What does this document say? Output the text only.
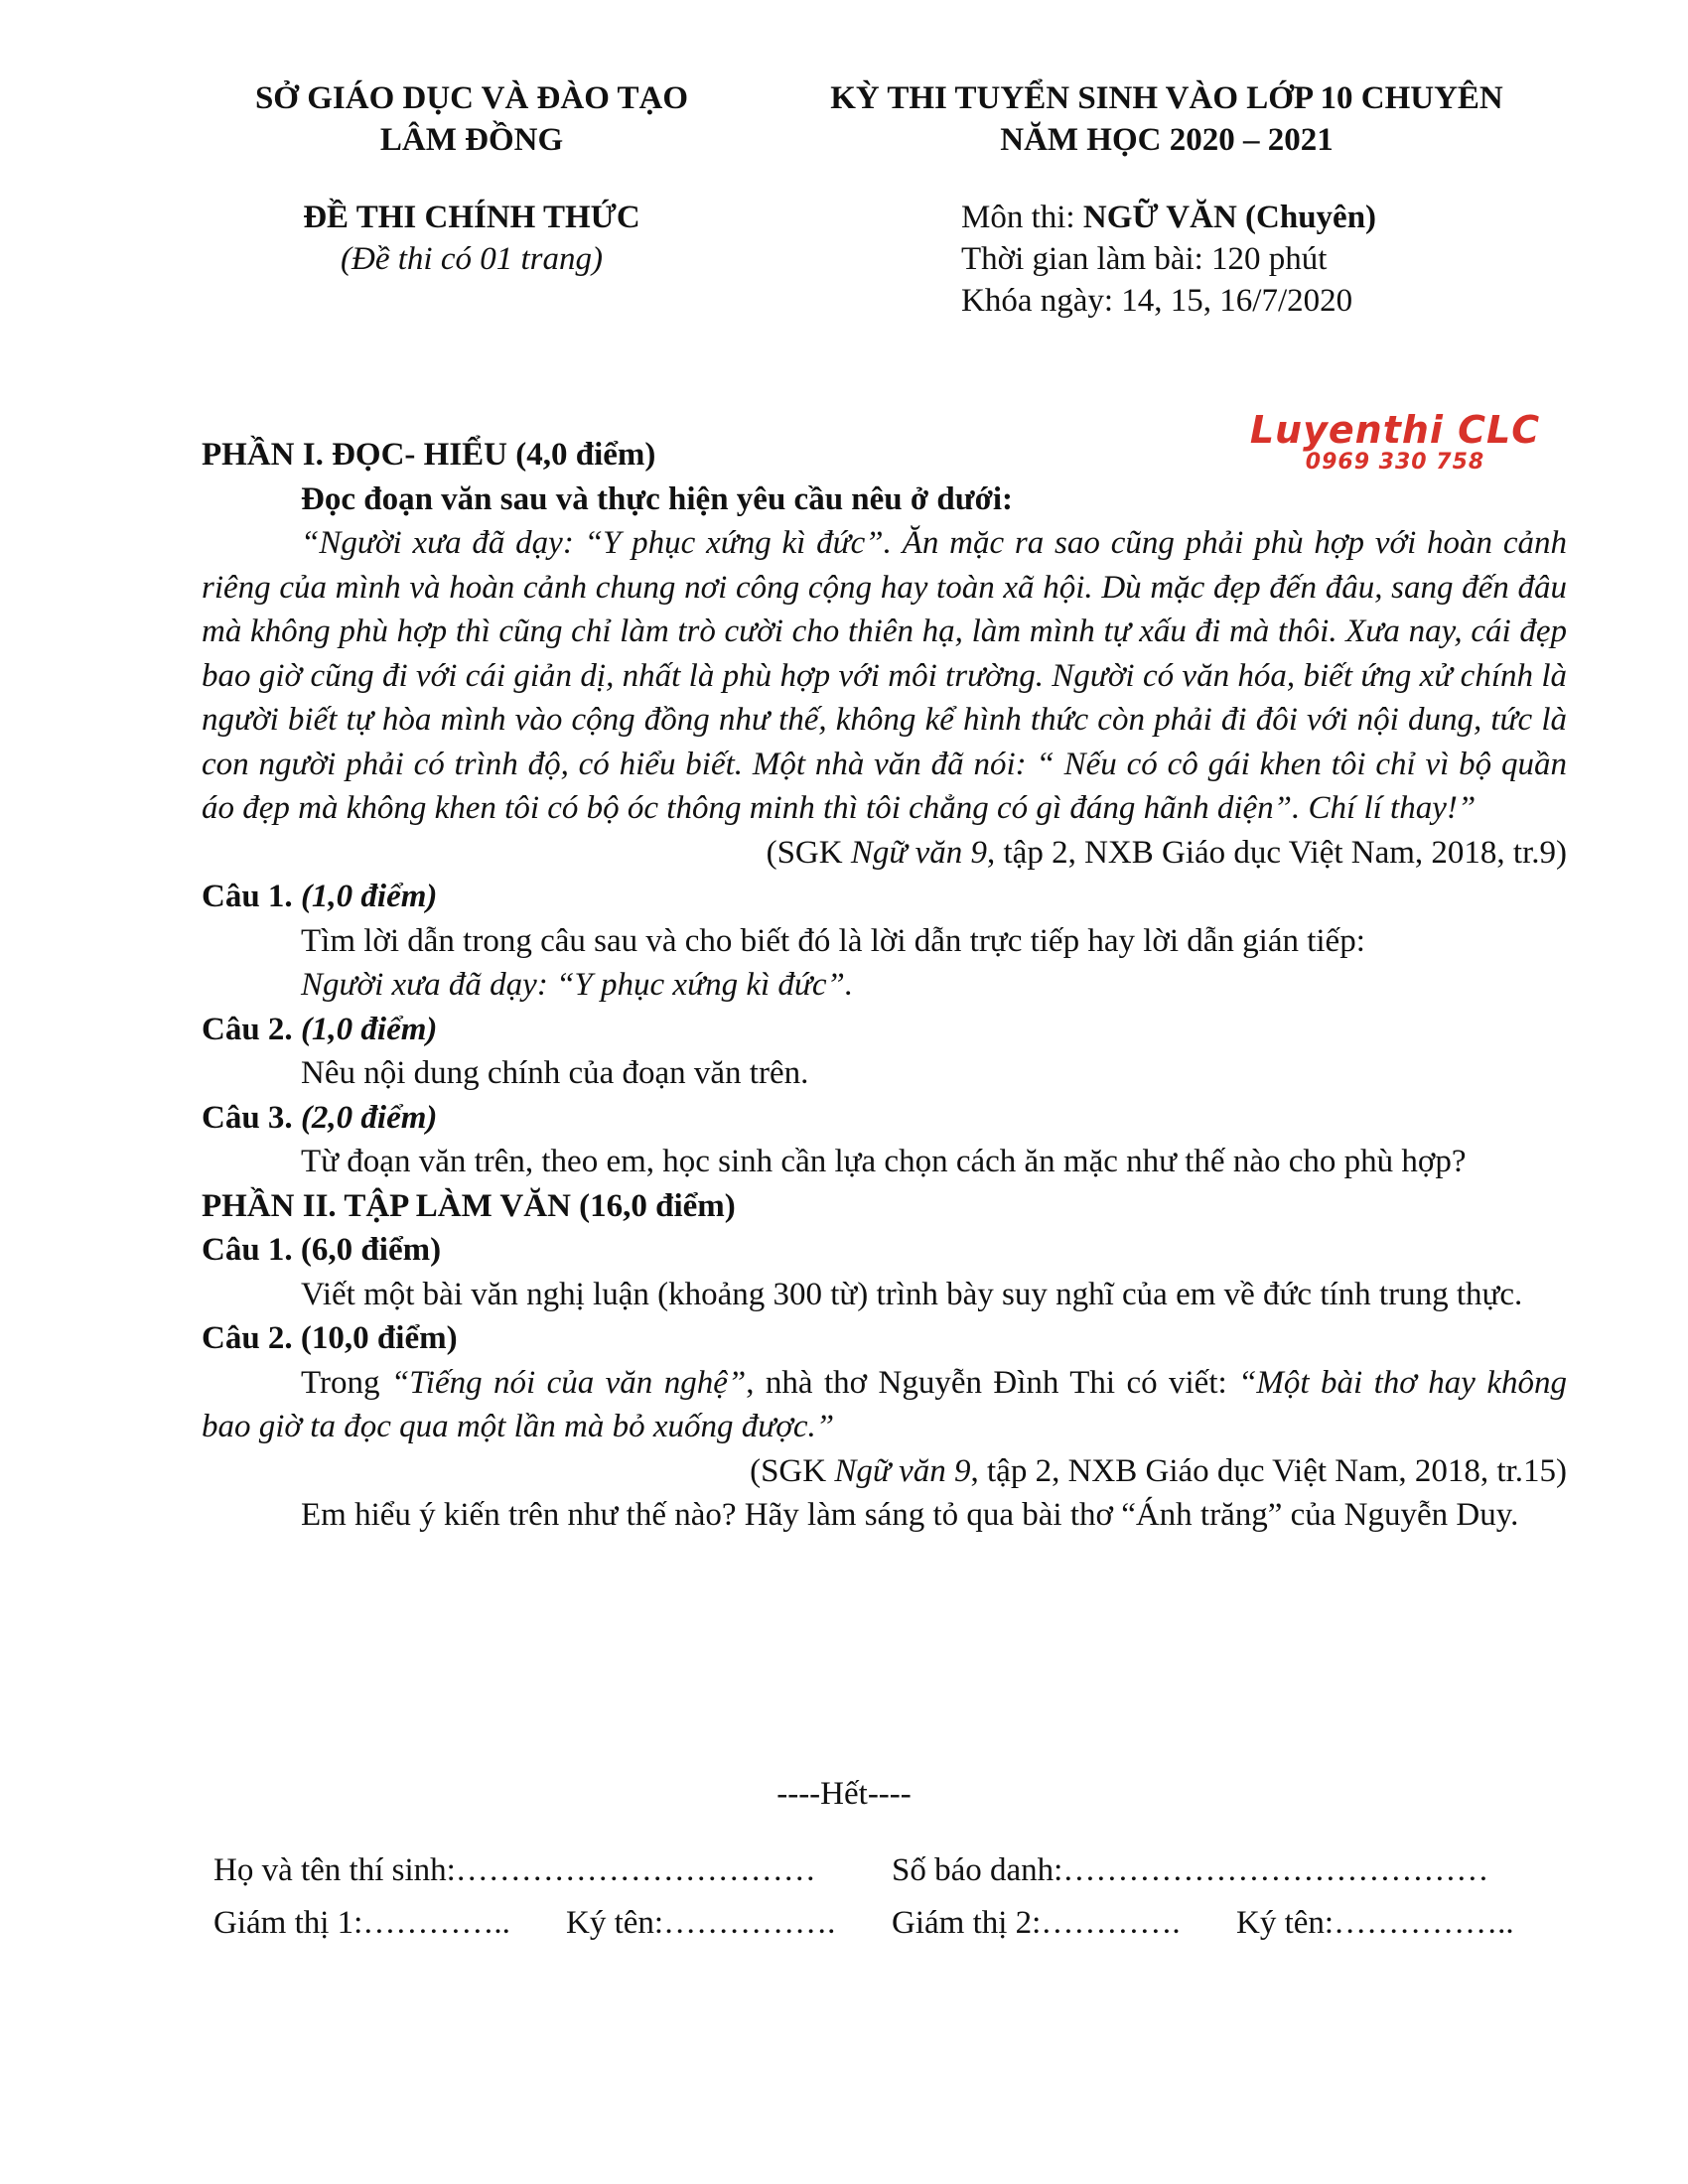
SỞ GIÁO DỤC VÀ ĐÀO TẠO
LÂM ĐỒNG
KỲ THI TUYỂN SINH VÀO LỚP 10 CHUYÊN
NĂM HỌC 2020 – 2021
ĐỀ THI CHÍNH THỨC
(Đề thi có 01 trang)
Môn thi: NGỮ VĂN (Chuyên)
Thời gian làm bài: 120 phút
Khóa ngày: 14, 15, 16/7/2020
Luyenthi CLC
0969 330 758

PHẦN I. ĐỌC- HIỂU (4,0 điểm)

Đọc đoạn văn sau và thực hiện yêu cầu nêu ở dưới:

“Người xưa đã dạy: “Y phục xứng kì đức”. Ăn mặc ra sao cũng phải phù hợp với hoàn cảnh riêng của mình và hoàn cảnh chung nơi công cộng hay toàn xã hội. Dù mặc đẹp đến đâu, sang đến đâu mà không phù hợp thì cũng chỉ làm trò cười cho thiên hạ, làm mình tự xấu đi mà thôi. Xưa nay, cái đẹp bao giờ cũng đi với cái giản dị, nhất là phù hợp với môi trường. Người có văn hóa, biết ứng xử chính là người biết tự hòa mình vào cộng đồng như thế, không kể hình thức còn phải đi đôi với nội dung, tức là con người phải có trình độ, có hiểu biết. Một nhà văn đã nói: “ Nếu có cô gái khen tôi chỉ vì bộ quần áo đẹp mà không khen tôi có bộ óc thông minh thì tôi chẳng có gì đáng hãnh diện”. Chí lí thay!”

(SGK Ngữ văn 9, tập 2, NXB Giáo dục Việt Nam, 2018, tr.9)

Câu 1. (1,0 điểm)

Tìm lời dẫn trong câu sau và cho biết đó là lời dẫn trực tiếp hay lời dẫn gián tiếp:

Người xưa đã dạy: “Y phục xứng kì đức”.

Câu 2. (1,0 điểm)

Nêu nội dung chính của đoạn văn trên.

Câu 3. (2,0 điểm)

Từ đoạn văn trên, theo em, học sinh cần lựa chọn cách ăn mặc như thế nào cho phù hợp?

PHẦN II. TẬP LÀM VĂN (16,0 điểm)

Câu 1. (6,0 điểm)

Viết một bài văn nghị luận (khoảng 300 từ) trình bày suy nghĩ của em về đức tính trung thực.

Câu 2. (10,0 điểm)

Trong “Tiếng nói của văn nghệ”, nhà thơ Nguyễn Đình Thi có viết: “Một bài thơ hay không bao giờ ta đọc qua một lần mà bỏ xuống được.”

(SGK Ngữ văn 9, tập 2, NXB Giáo dục Việt Nam, 2018, tr.15)

Em hiểu ý kiến trên như thế nào? Hãy làm sáng tỏ qua bài thơ “Ánh trăng” của Nguyễn Duy.

----Hết----
Họ và tên thí sinh:…………………………… Số báo danh:…………………………………
Giám thị 1:………….. Ký tên:……………. Giám thị 2:…………. Ký tên:……………..
